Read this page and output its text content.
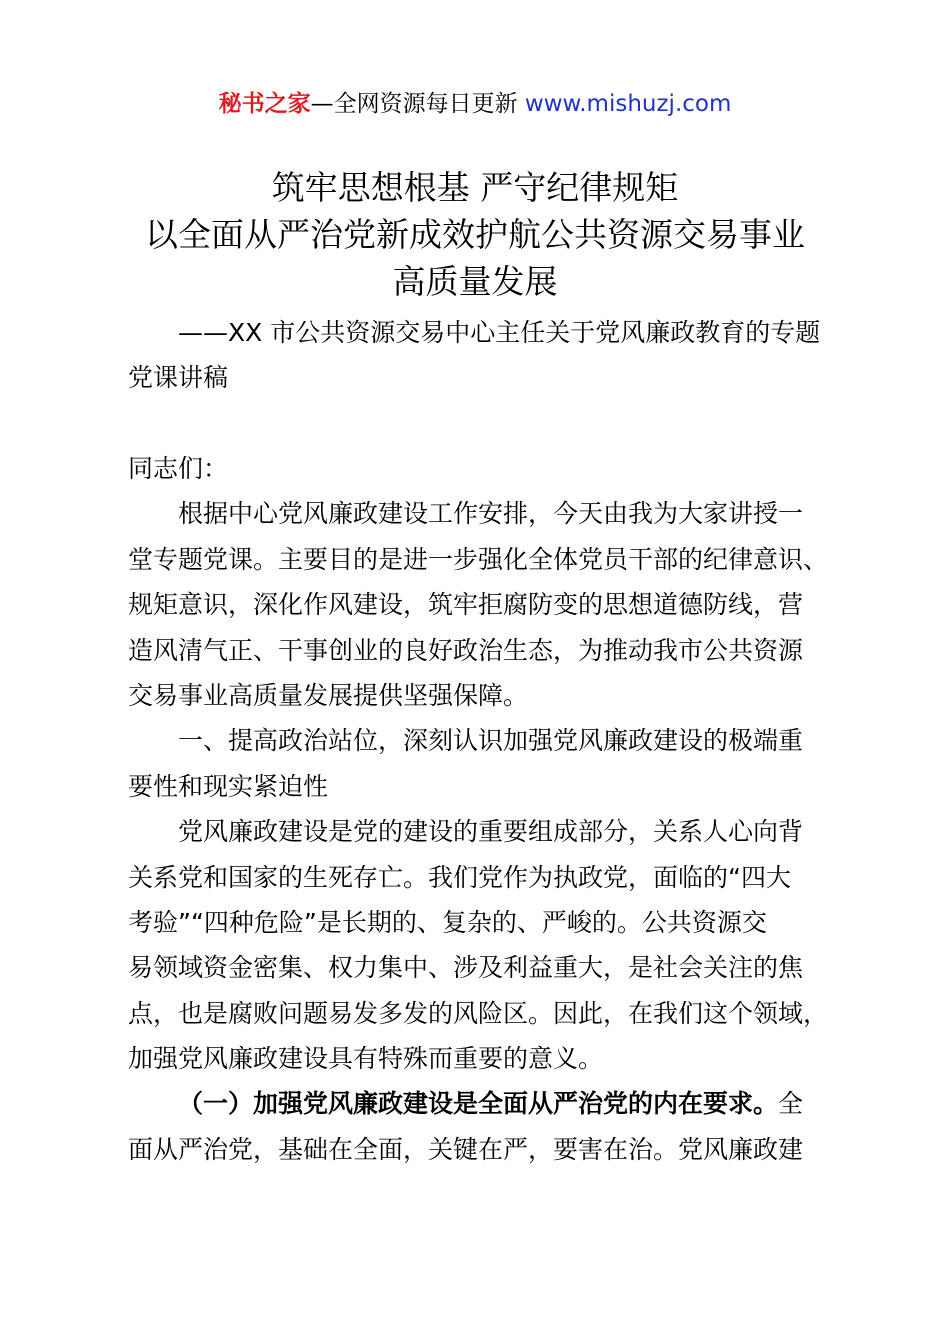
秘书之家—全网资源每日更新 www.mishuzj.com
筑牢思想根基 严守纪律规矩
以全面从严治党新成效护航公共资源交易事业
高质量发展
——XX 市公共资源交易中心主任关于党风廉政教育的专题
党课讲稿
同志们：
根据中心党风廉政建设工作安排，今天由我为大家讲授一
堂专题党课。主要目的是进一步强化全体党员干部的纪律意识、
规矩意识，深化作风建设，筑牢拒腐防变的思想道德防线，营
造风清气正、干事创业的良好政治生态，为推动我市公共资源
交易事业高质量发展提供坚强保障。
一、提高政治站位，深刻认识加强党风廉政建设的极端重
要性和现实紧迫性
党风廉政建设是党的建设的重要组成部分，关系人心向背
关系党和国家的生死存亡。我们党作为执政党，面临的“四大
考验”“四种危险”是长期的、复杂的、严峻的。公共资源交
易领域资金密集、权力集中、涉及利益重大，是社会关注的焦
点，也是腐败问题易发多发的风险区。因此，在我们这个领域，
加强党风廉政建设具有特殊而重要的意义。
（一）加强党风廉政建设是全面从严治党的内在要求。全
面从严治党，基础在全面，关键在严，要害在治。党风廉政建
